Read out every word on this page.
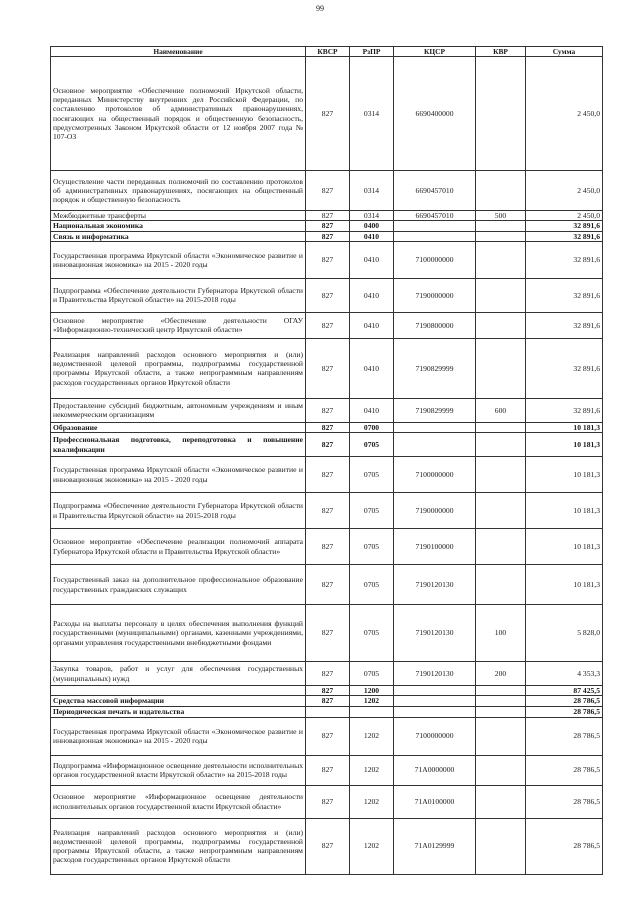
99
Наименование	КВСР	РзПР	КЦСР	КВР	Сумма
Основное мероприятие «Обеспечение полномочий Иркутской области, переданных Министерству внутренних дел Российской Федерации, по составлению протоколов об административных правонарушениях, посягающих на общественный порядок и общественную безопасность, предусмотренных Законом Иркутской области от 12 ноября 2007 года № 107-ОЗ	827	0314	6690400000		2 450,0
Осуществление части переданных полномочий по составлению протоколов об административных правонарушениях, посягающих на общественный порядок и общественную безопасность	827	0314	6690457010		2 450,0
Межбюджетные трансферты	827	0314	6690457010	500	2 450,0
Национальная экономика	827	0400			32 891,6
Связь и информатика	827	0410			32 891,6
Государственная программа Иркутской области «Экономическое развитие и инновационная экономика» на 2015 - 2020 годы	827	0410	7100000000		32 891,6
Подпрограмма «Обеспечение деятельности Губернатора Иркутской области и Правительства Иркутской области» на 2015-2018 годы	827	0410	7190000000		32 891,6
Основное мероприятие «Обеспечение деятельности ОГАУ «Информационно-технический центр Иркутской области»	827	0410	7190800000		32 891,6
Реализация направлений расходов основного мероприятия и (или) ведомственной целевой программы, подпрограммы государственной программы Иркутской области, а также непрограммным направлениям расходов государственных органов Иркутской области	827	0410	7190829999		32 891,6
Предоставление субсидий бюджетным, автономным учреждениям и иным некоммерческим организациям	827	0410	7190829999	600	32 891,6
Образование	827	0700			10 181,3
Профессиональная подготовка, переподготовка и повышение квалификации	827	0705			10 181,3
Государственная программа Иркутской области «Экономическое развитие и инновационная экономика» на 2015 - 2020 годы	827	0705	7100000000		10 181,3
Подпрограмма «Обеспечение деятельности Губернатора Иркутской области и Правительства Иркутской области» на 2015-2018 годы	827	0705	7190000000		10 181,3
Основное мероприятие «Обеспечение реализации полномочий аппарата Губернатора Иркутской области и Правительства Иркутской области»	827	0705	7190100000		10 181,3
Государственный заказ на дополнительное профессиональное образование государственных гражданских служащих	827	0705	7190120130		10 181,3
Расходы на выплаты персоналу в целях обеспечения выполнения функций государственными (муниципальными) органами, казенными учреждениями, органами управления государственными внебюджетными фондами	827	0705	7190120130	100	5 828,0
Закупка товаров, работ и услуг для обеспечения государственных (муниципальных) нужд	827	0705	7190120130	200	4 353,3
	827	1200			87 425,5
Средства массовой информации	827	1202			28 786,5
Периодическая печать и издательства					28 786,5
Государственная программа Иркутской области «Экономическое развитие и инновационная экономика» на 2015 - 2020 годы	827	1202	7100000000		28 786,5
Подпрограмма «Информационное освещение деятельности исполнительных органов государственной власти Иркутской области» на 2015-2018 годы	827	1202	71А0000000		28 786,5
Основное мероприятие «Информационное освещение деятельности исполнительных органов государственной власти Иркутской области»	827	1202	71А0100000		28 786,5
Реализация направлений расходов основного мероприятия и (или) ведомственной целевой программы, подпрограммы государственной программы Иркутской области, а также непрограммным направлениям расходов государственных органов Иркутской области	827	1202	71А0129999		28 786,5
